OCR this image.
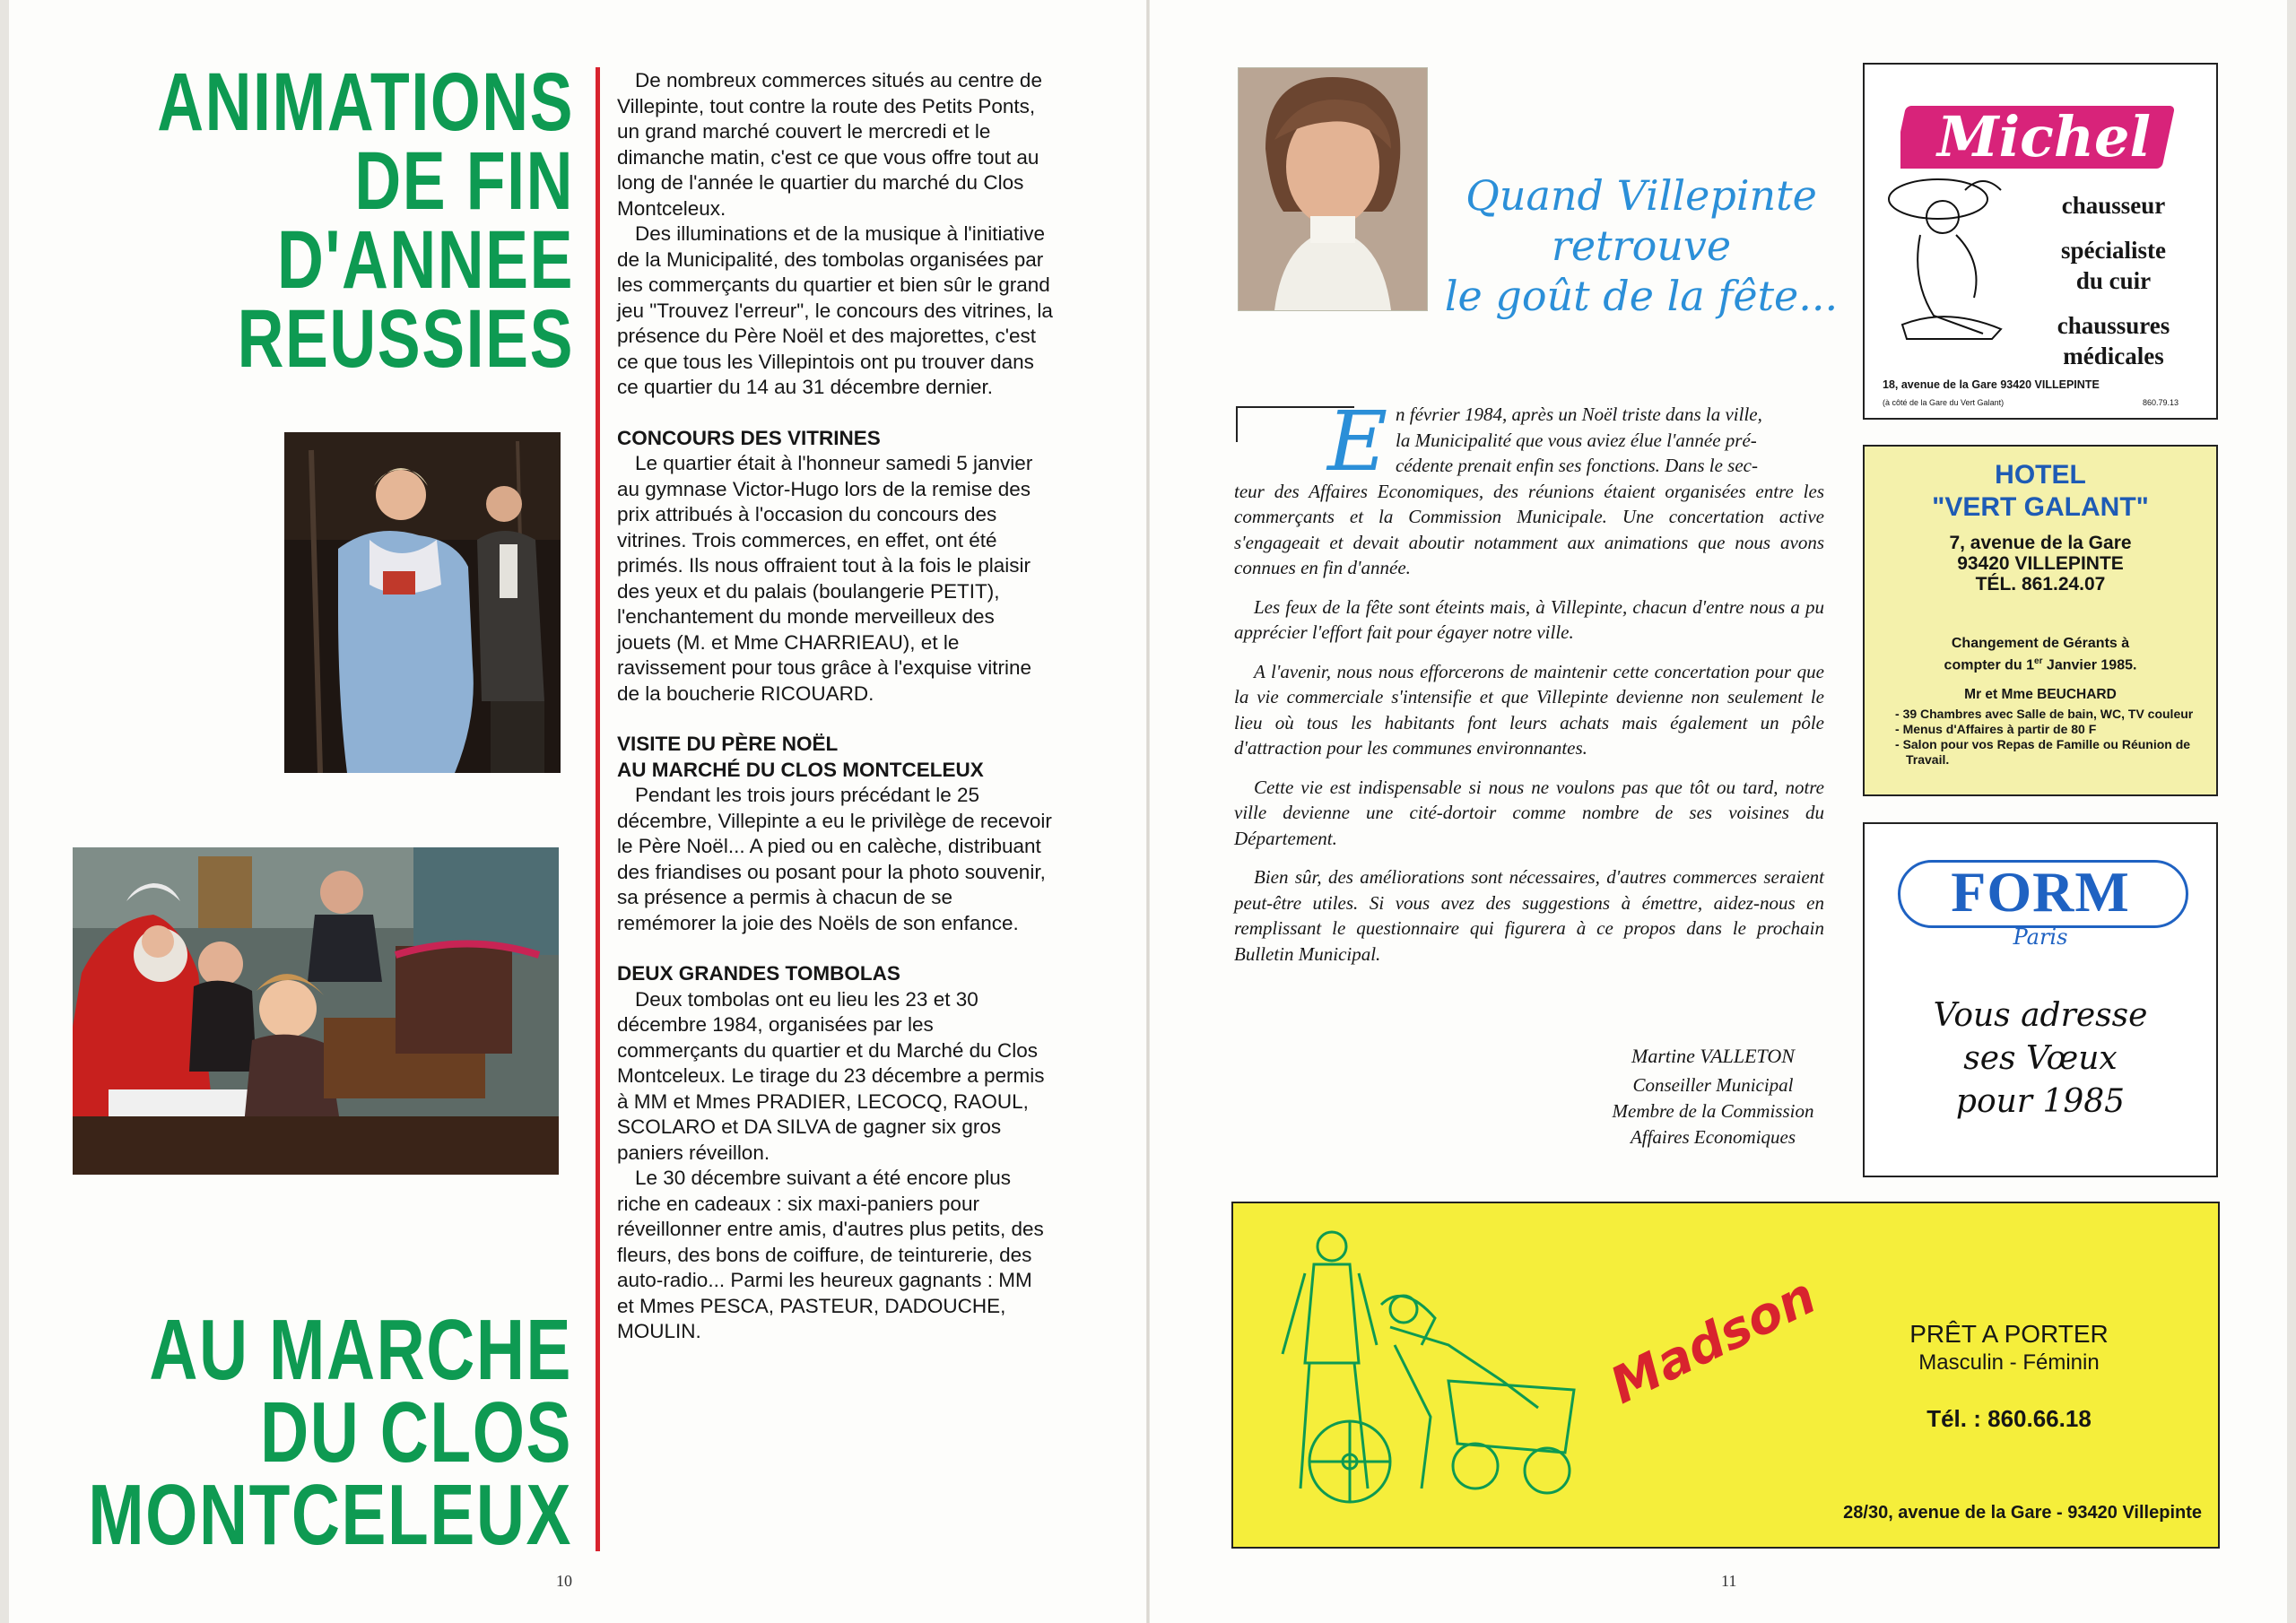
ANIMATIONS
DE FIN D'ANNEE
REUSSIES

De nombreux commerces situés au centre de Villepinte, tout contre la route des Petits Ponts, un grand marché couvert le mercredi et le dimanche matin, c'est ce que vous offre tout au long de l'année le quartier du marché du Clos Montceleux.

Des illuminations et de la musique à l'initiative de la Municipalité, des tombolas organisées par les commerçants du quartier et bien sûr le grand jeu "Trouvez l'erreur", le concours des vitrines, la présence du Père Noël et des majorettes, c'est ce que tous les Villepintois ont pu trouver dans ce quartier du 14 au 31 décembre dernier.

CONCOURS DES VITRINES

Le quartier était à l'honneur samedi 5 janvier au gymnase Victor-Hugo lors de la remise des prix attribués à l'occasion du concours des vitrines. Trois commerces, en effet, ont été primés. Ils nous offraient tout à la fois le plaisir des yeux et du palais (boulangerie PETIT), l'enchantement du monde merveilleux des jouets (M. et Mme CHARRIEAU), et le ravissement pour tous grâce à l'exquise vitrine de la boucherie RICOUARD.

VISITE DU PÈRE NOËL
AU MARCHÉ DU CLOS MONTCELEUX

Pendant les trois jours précédant le 25 décembre, Villepinte a eu le privilège de recevoir le Père Noël... A pied ou en calèche, distribuant des friandises ou posant pour la photo souvenir, sa présence a permis à chacun de se remémorer la joie des Noëls de son enfance.

DEUX GRANDES TOMBOLAS

Deux tombolas ont eu lieu les 23 et 30 décembre 1984, organisées par les commerçants du quartier et du Marché du Clos Montceleux. Le tirage du 23 décembre a permis à MM et Mmes PRADIER, LECOCQ, RAOUL, SCOLARO et DA SILVA de gagner six gros paniers réveillon.

Le 30 décembre suivant a été encore plus riche en cadeaux : six maxi-paniers pour réveillonner entre amis, d'autres plus petits, des fleurs, des bons de coiffure, de teinturerie, des auto-radio... Parmi les heureux gagnants : MM et Mmes PESCA, PASTEUR, DADOUCHE, MOULIN.

AU MARCHE
DU CLOS
MONTCELEUX
10
Quand Villepinte
retrouve
le goût de la fête...
E n février 1984, après un Noël triste dans la ville,
la Municipalité que vous aviez élue l'année pré-
cédente prenait enfin ses fonctions. Dans le sec-
teur des Affaires Economiques, des réunions étaient organisées entre les commerçants et la Commission Municipale. Une concertation active s'engageait et devait aboutir notamment aux animations que nous avons connues en fin d'année.

Les feux de la fête sont éteints mais, à Villepinte, chacun d'entre nous a pu apprécier l'effort fait pour égayer notre ville.

A l'avenir, nous nous efforcerons de maintenir cette concertation pour que la vie commerciale s'intensifie et que Villepinte devienne non seulement le lieu où tous les habitants font leurs achats mais également un pôle d'attraction pour les communes environnantes.

Cette vie est indispensable si nous ne voulons pas que tôt ou tard, notre ville devienne une cité-dortoir comme nombre de ses voisines du Département.

Bien sûr, des améliorations sont nécessaires, d'autres commerces seraient peut-être utiles. Si vous avez des suggestions à émettre, aidez-nous en remplissant le questionnaire qui figurera à ce propos dans le prochain Bulletin Municipal.

Martine VALLETON
Conseiller Municipal
Membre de la Commission
Affaires Economiques
11
Michel
chausseur
spécialiste
du cuir
chaussures
médicales
18, avenue de la Gare 93420 VILLEPINTE
(à côté de la Gare du Vert Galant)	860.79.13
HOTEL
"VERT GALANT"
7, avenue de la Gare
93420 VILLEPINTE
TÉL. 861.24.07
Changement de Gérants à
compter du 1er Janvier 1985.
Mr et Mme BEUCHARD
- 39 Chambres avec Salle de bain, WC, TV couleur
- Menus d'Affaires à partir de 80 F
- Salon pour vos Repas de Famille ou Réunion de Travail.
FORM
Paris
Vous adresse
ses Vœux
pour 1985
Madson	PRÊT A PORTER
Masculin - Féminin
Tél. : 860.66.18
28/30, avenue de la Gare - 93420 Villepinte
